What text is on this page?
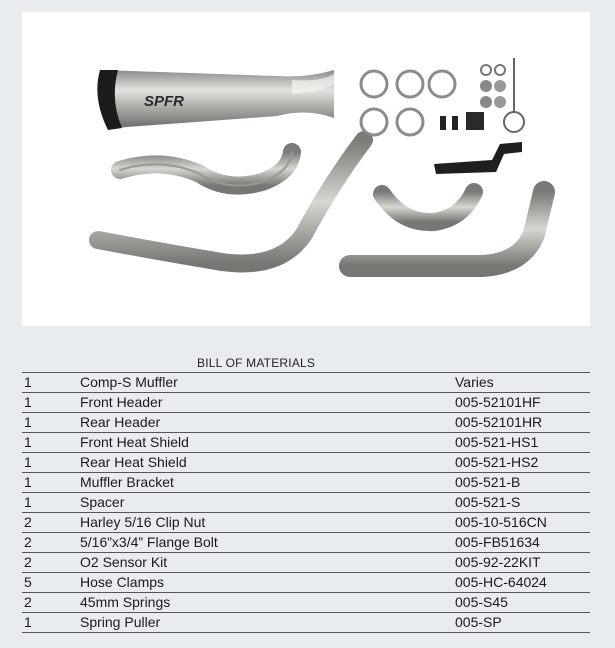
SPFR
BILL OF MATERIALS
1	Comp-S Muffler	Varies
1	Front Header	005-52101HF
1	Rear Header	005-52101HR
1	Front Heat Shield	005-521-HS1
1	Rear Heat Shield	005-521-HS2
1	Muffler Bracket	005-521-B
1	Spacer	005-521-S
2	Harley 5/16 Clip Nut	005-10-516CN
2	5/16”x3/4” Flange Bolt	005-FB51634
2	O2 Sensor Kit	005-92-22KIT
5	Hose Clamps	005-HC-64024
2	45mm Springs	005-S45
1	Spring Puller	005-SP
